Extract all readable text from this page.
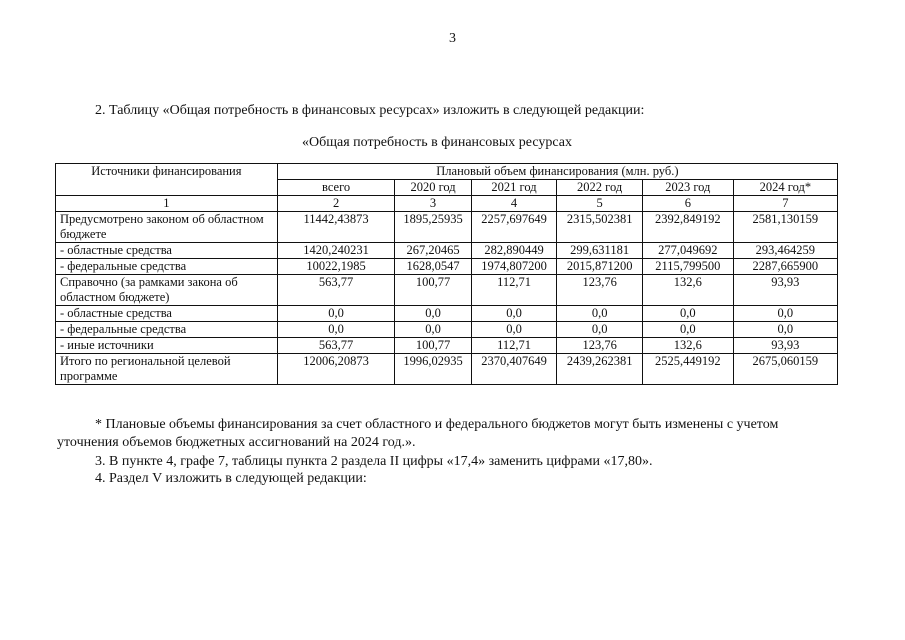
3
2. Таблицу «Общая потребность в финансовых ресурсах» изложить в следующей редакции:
«Общая потребность в финансовых ресурсах
Источники финансирования	Плановый объем финансирования (млн. руб.)					
	всего	2020 год	2021 год	2022 год	2023 год	2024 год*
1	2	3	4	5	6	7
Предусмотрено законом об областном бюджете	11442,43873	1895,25935	2257,697649	2315,502381	2392,849192	2581,130159
- областные средства	1420,240231	267,20465	282,890449	299,631181	277,049692	293,464259
- федеральные средства	10022,1985	1628,0547	1974,807200	2015,871200	2115,799500	2287,665900
Справочно (за рамками закона об областном бюджете)	563,77	100,77	112,71	123,76	132,6	93,93
- областные средства	0,0	0,0	0,0	0,0	0,0	0,0
- федеральные средства	0,0	0,0	0,0	0,0	0,0	0,0
- иные источники	563,77	100,77	112,71	123,76	132,6	93,93
Итого по региональной целевой программе	12006,20873	1996,02935	2370,407649	2439,262381	2525,449192	2675,060159
* Плановые объемы финансирования за счет областного и федерального бюджетов могут быть изменены с учетом уточнения объемов бюджетных ассигнований на 2024 год.».
3. В пункте 4, графе 7, таблицы пункта 2 раздела II цифры «17,4» заменить цифрами «17,80».
4. Раздел V изложить в следующей редакции:
